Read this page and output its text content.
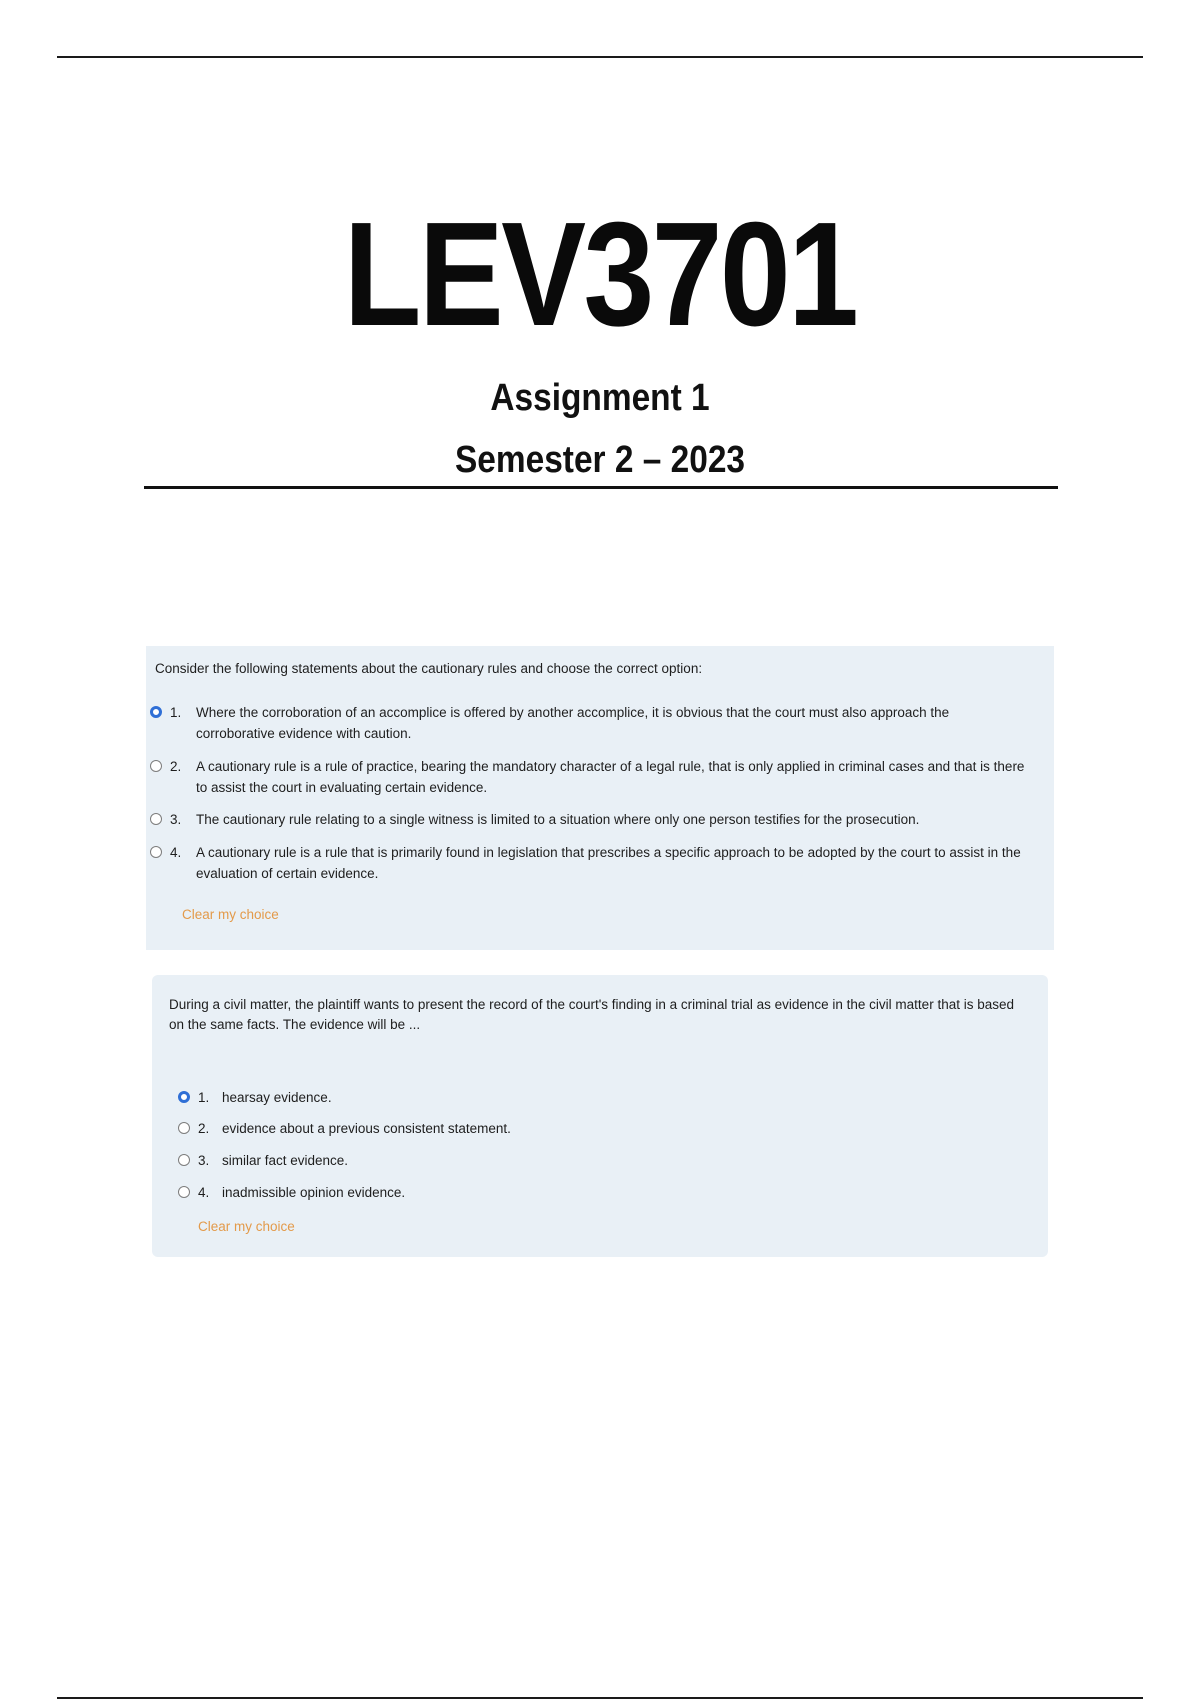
LEV3701
Assignment 1
Semester 2 – 2023
Consider the following statements about the cautionary rules and choose the correct option:
1.	Where the corroboration of an accomplice is offered by another accomplice, it is obvious that the court must also approach the corroborative evidence with caution.
2.	A cautionary rule is a rule of practice, bearing the mandatory character of a legal rule, that is only applied in criminal cases and that is there to assist the court in evaluating certain evidence.
3.	The cautionary rule relating to a single witness is limited to a situation where only one person testifies for the prosecution.
4.	A cautionary rule is a rule that is primarily found in legislation that prescribes a specific approach to be adopted by the court to assist in the evaluation of certain evidence.
Clear my choice
During a civil matter, the plaintiff wants to present the record of the court's finding in a criminal trial as evidence in the civil matter that is based on the same facts. The evidence will be ...
1. hearsay evidence.
2. evidence about a previous consistent statement.
3. similar fact evidence.
4. inadmissible opinion evidence.
Clear my choice
